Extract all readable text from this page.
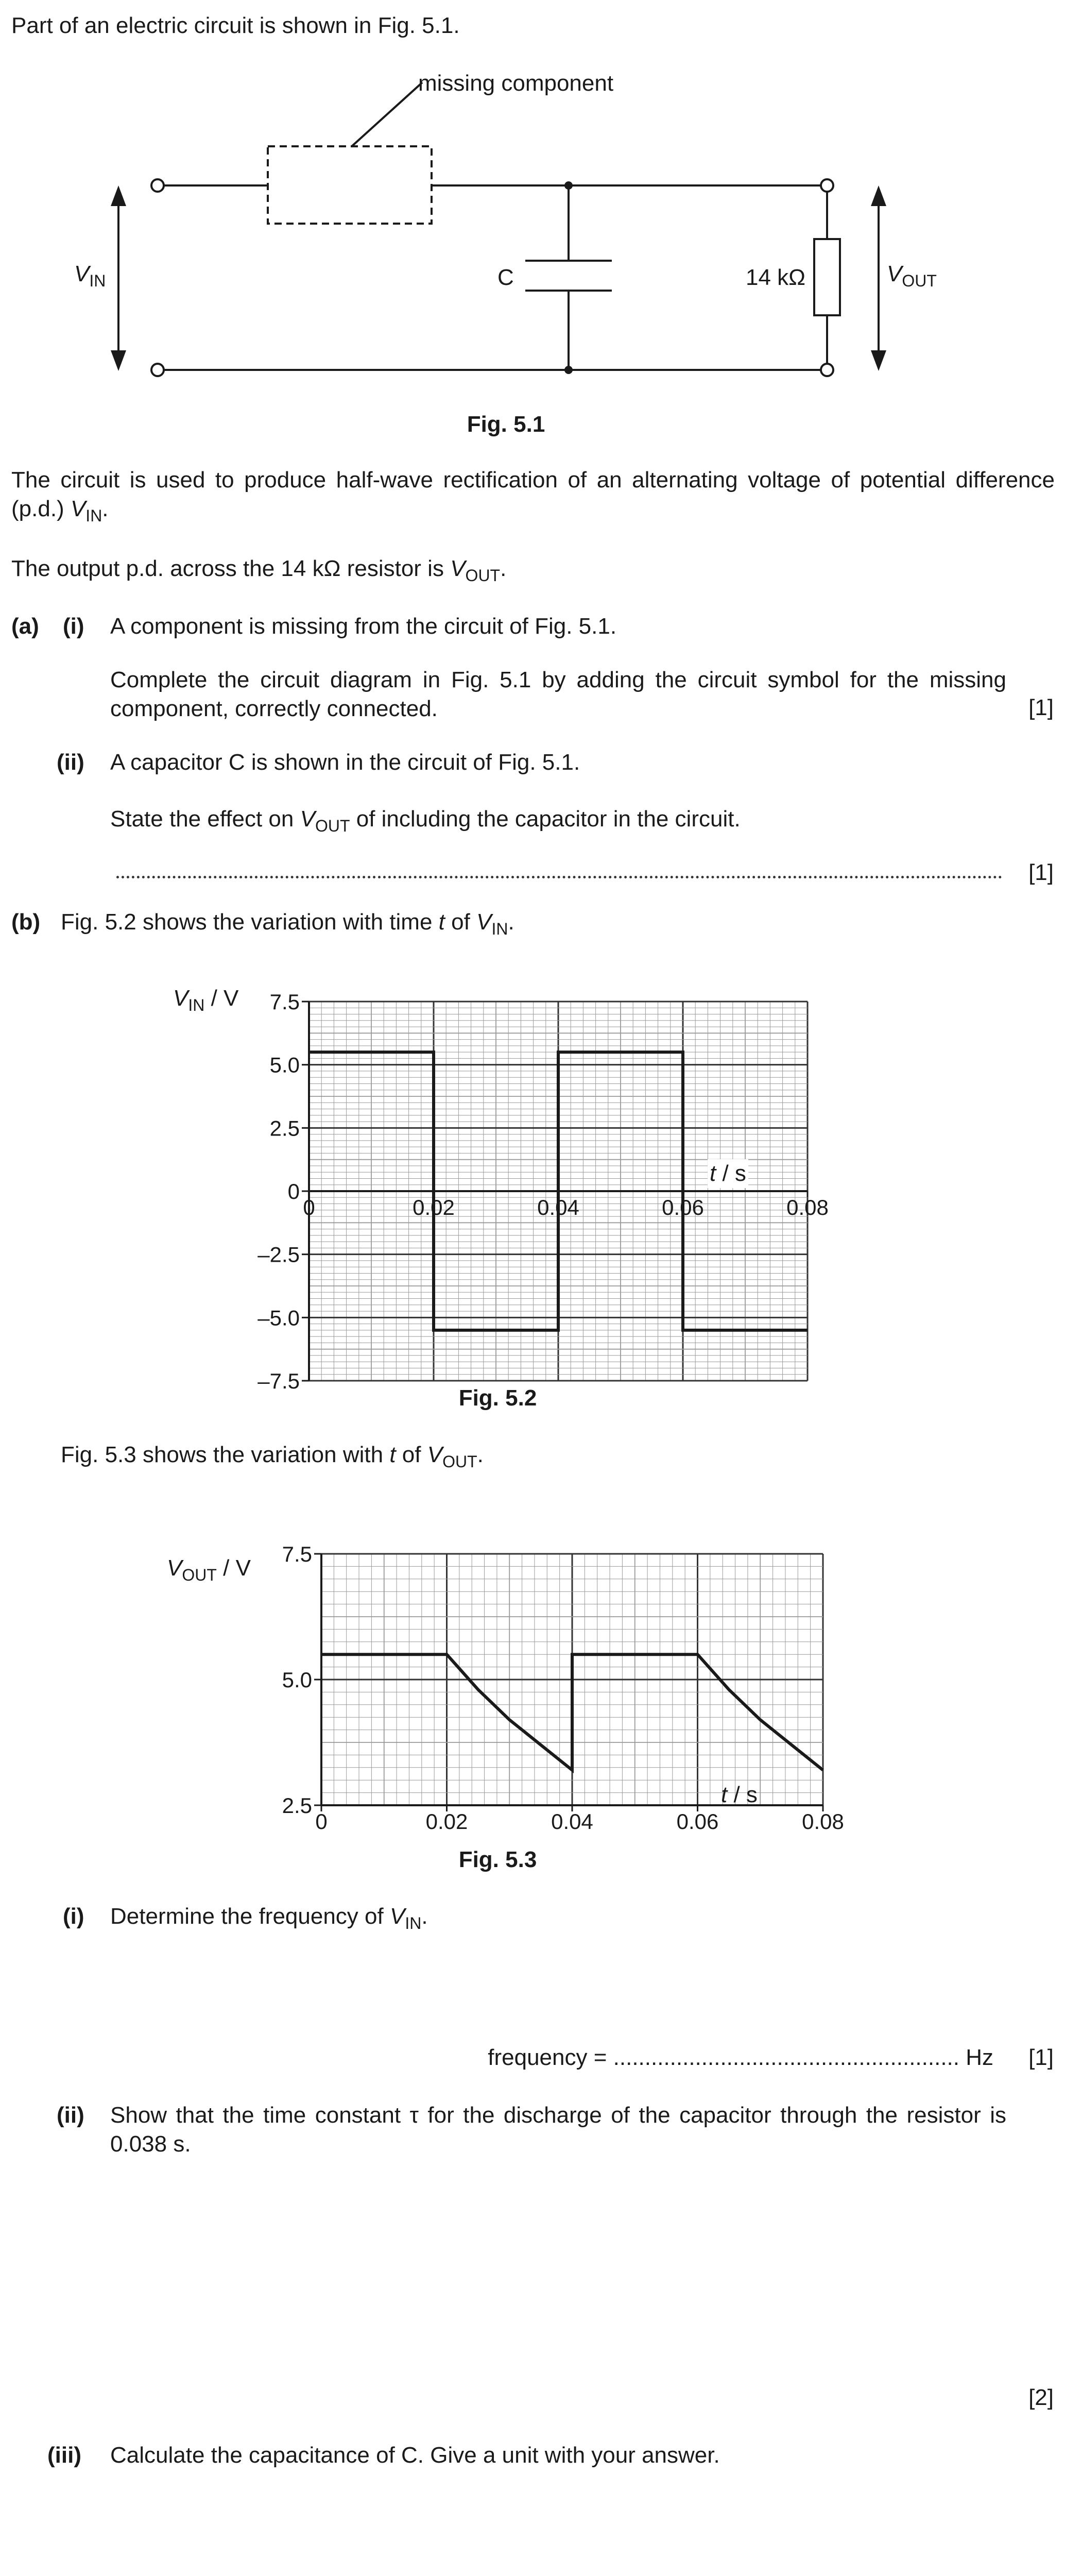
Part of an electric circuit is shown in Fig. 5.1.
missing component
$V_{IN}$	C	14 kΩ	$V_{OUT}$
Fig. 5.1
The circuit is used to produce half-wave rectification of an alternating voltage of potential difference (p.d.) $V_{IN}$.
The output p.d. across the 14 kΩ resistor is $V_{OUT}$.
(a) (i) A component is missing from the circuit of Fig. 5.1.
Complete the circuit diagram in Fig. 5.1 by adding the circuit symbol for the missing component, correctly connected.	[1]
(ii) A capacitor C is shown in the circuit of Fig. 5.1.
State the effect on $V_{OUT}$ of including the capacitor in the circuit.
[1]
(b) Fig. 5.2 shows the variation with time t of $V_{IN}$.
7.5
5.0
2.5
0
–2.5
–5.0
–7.5
0	0.02	0.04	0.06	0.08
$V_{IN}$ / V
t / s
Fig. 5.2
Fig. 5.3 shows the variation with t of $V_{OUT}$.
7.5
5.0
2.5
0	0.02	0.04	0.06	0.08
$V_{OUT}$ / V
t / s
Fig. 5.3
(i) Determine the frequency of $V_{IN}$.
frequency = ....................................................... Hz [1]
(ii) Show that the time constant τ for the discharge of the capacitor through the resistor is 0.038 s.
[2]
(iii) Calculate the capacitance of C. Give a unit with your answer.
